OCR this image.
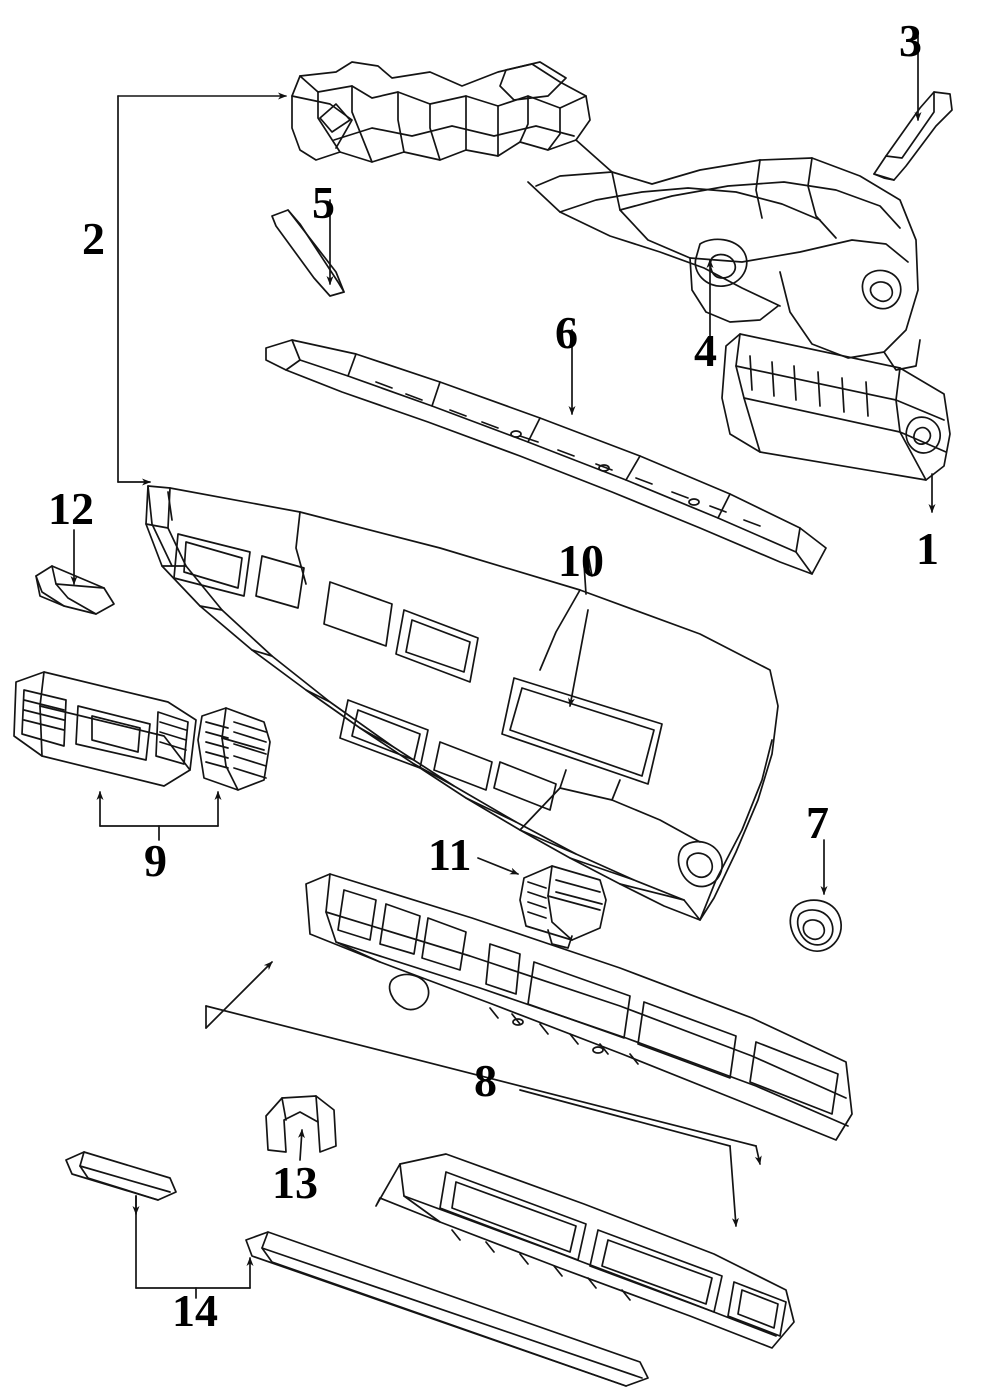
1
2
3
4
5
6
7
8
9
10
11
12
13
14
